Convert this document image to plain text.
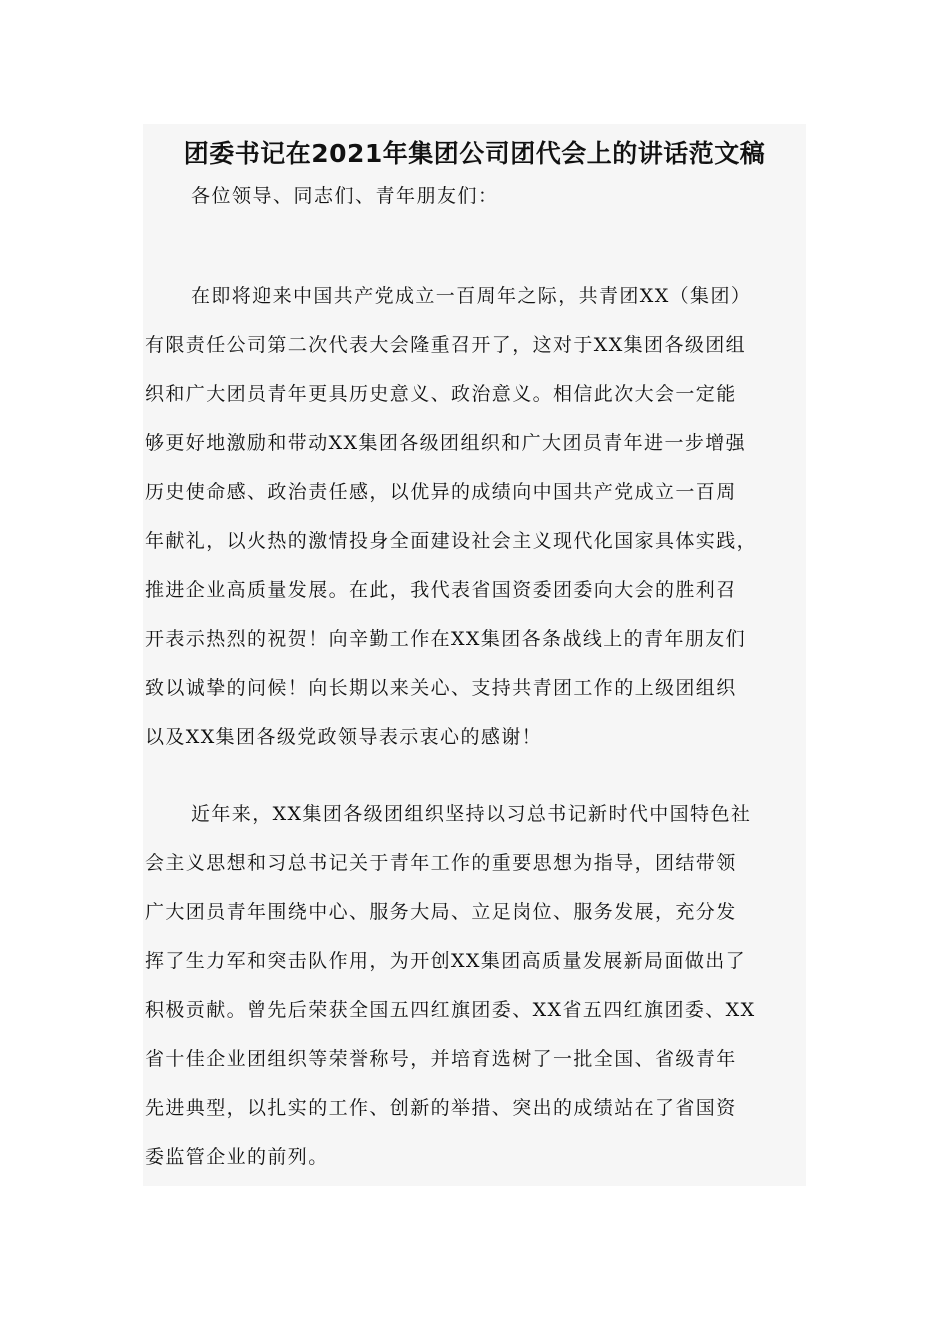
团委书记在2021年集团公司团代会上的讲话范文稿
各位领导、同志们、青年朋友们：
在即将迎来中国共产党成立一百周年之际，共青团XX（集团）
有限责任公司第二次代表大会隆重召开了，这对于XX集团各级团组
织和广大团员青年更具历史意义、政治意义。相信此次大会一定能
够更好地激励和带动XX集团各级团组织和广大团员青年进一步增强
历史使命感、政治责任感，以优异的成绩向中国共产党成立一百周
年献礼，以火热的激情投身全面建设社会主义现代化国家具体实践，
推进企业高质量发展。在此，我代表省国资委团委向大会的胜利召
开表示热烈的祝贺！向辛勤工作在XX集团各条战线上的青年朋友们
致以诚挚的问候！向长期以来关心、支持共青团工作的上级团组织
以及XX集团各级党政领导表示衷心的感谢！
近年来，XX集团各级团组织坚持以习总书记新时代中国特色社
会主义思想和习总书记关于青年工作的重要思想为指导，团结带领
广大团员青年围绕中心、服务大局、立足岗位、服务发展，充分发
挥了生力军和突击队作用，为开创XX集团高质量发展新局面做出了
积极贡献。曾先后荣获全国五四红旗团委、XX省五四红旗团委、XX
省十佳企业团组织等荣誉称号，并培育选树了一批全国、省级青年
先进典型，以扎实的工作、创新的举措、突出的成绩站在了省国资
委监管企业的前列。
